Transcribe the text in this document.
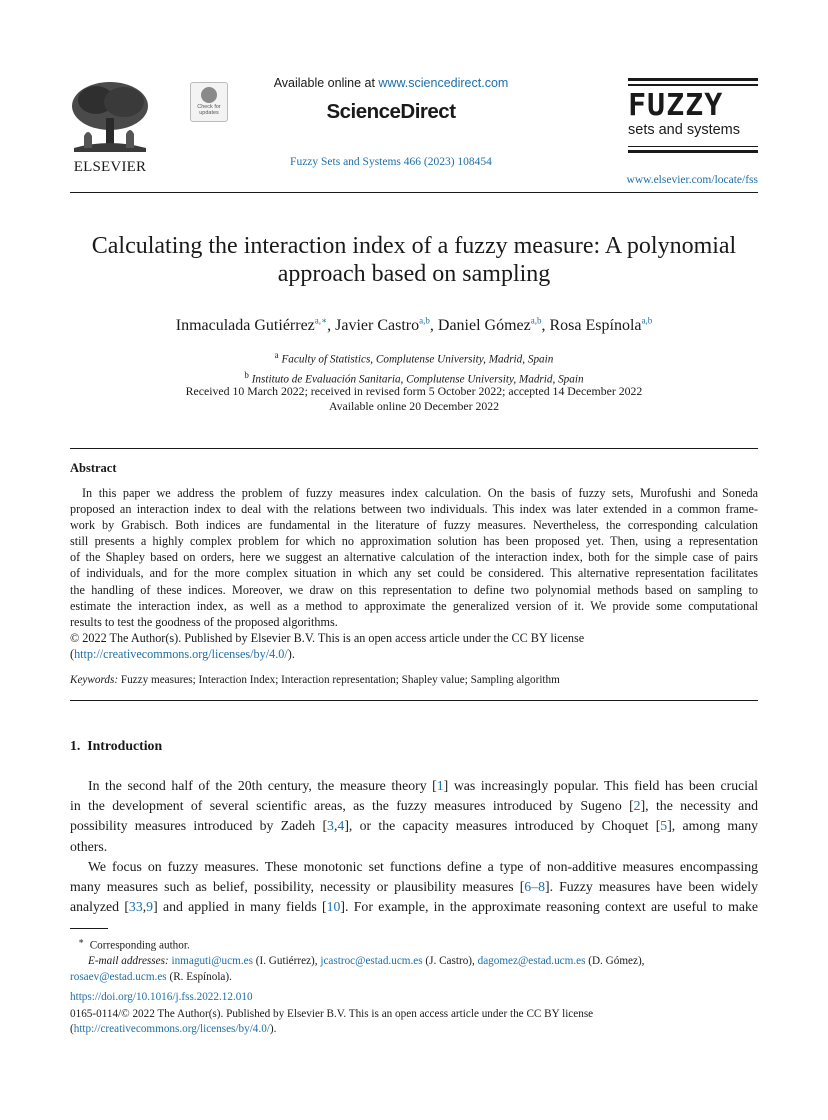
ELSEVIER
Check for
updates
Available online at www.sciencedirect.com
ScienceDirect
Fuzzy Sets and Systems 466 (2023) 108454
FUZZY
sets and systems
www.elsevier.com/locate/fss
Calculating the interaction index of a fuzzy measure: A polynomial
approach based on sampling
Inmaculada Gutiérrez$^{a,∗}$, Javier Castro$^{a,b}$, Daniel Gómez$^{a,b}$, Rosa Espínola$^{a,b}$
$^a$ Faculty of Statistics, Complutense University, Madrid, Spain
$^b$ Instituto de Evaluación Sanitaria, Complutense University, Madrid, Spain
Received 10 March 2022; received in revised form 5 October 2022; accepted 14 December 2022
Available online 20 December 2022
Abstract
In this paper we address the problem of fuzzy measures index calculation. On the basis of fuzzy sets, Murofushi and Soneda
proposed an interaction index to deal with the relations between two individuals. This index was later extended in a common frame-
work by Grabisch. Both indices are fundamental in the literature of fuzzy measures. Nevertheless, the corresponding calculation
still presents a highly complex problem for which no approximation solution has been proposed yet. Then, using a representation
of the Shapley based on orders, here we suggest an alternative calculation of the interaction index, both for the simple case of pairs
of individuals, and for the more complex situation in which any set could be considered. This alternative representation facilitates
the handling of these indices. Moreover, we draw on this representation to define two polynomial methods based on sampling to
estimate the interaction index, as well as a method to approximate the generalized version of it. We provide some computational
results to test the goodness of the proposed algorithms.
© 2022 The Author(s). Published by Elsevier B.V. This is an open access article under the CC BY license
(http://creativecommons.org/licenses/by/4.0/).
Keywords: Fuzzy measures; Interaction Index; Interaction representation; Shapley value; Sampling algorithm
1.  Introduction
In the second half of the 20th century, the measure theory [1] was increasingly popular. This field has been crucial
in the development of several scientific areas, as the fuzzy measures introduced by Sugeno [2], the necessity and
possibility measures introduced by Zadeh [3,4], or the capacity measures introduced by Choquet [5], among many
others.
We focus on fuzzy measures. These monotonic set functions define a type of non-additive measures encompassing
many measures such as belief, possibility, necessity or plausibility measures [6–8]. Fuzzy measures have been widely
analyzed [33,9] and applied in many fields [10]. For example, in the approximate reasoning context are useful to make
∗ Corresponding author.
E-mail addresses: inmaguti@ucm.es (I. Gutiérrez), jcastroc@estad.ucm.es (J. Castro), dagomez@estad.ucm.es (D. Gómez),
rosaev@estad.ucm.es (R. Espínola).
https://doi.org/10.1016/j.fss.2022.12.010
0165-0114/© 2022 The Author(s). Published by Elsevier B.V. This is an open access article under the CC BY license
(http://creativecommons.org/licenses/by/4.0/).
